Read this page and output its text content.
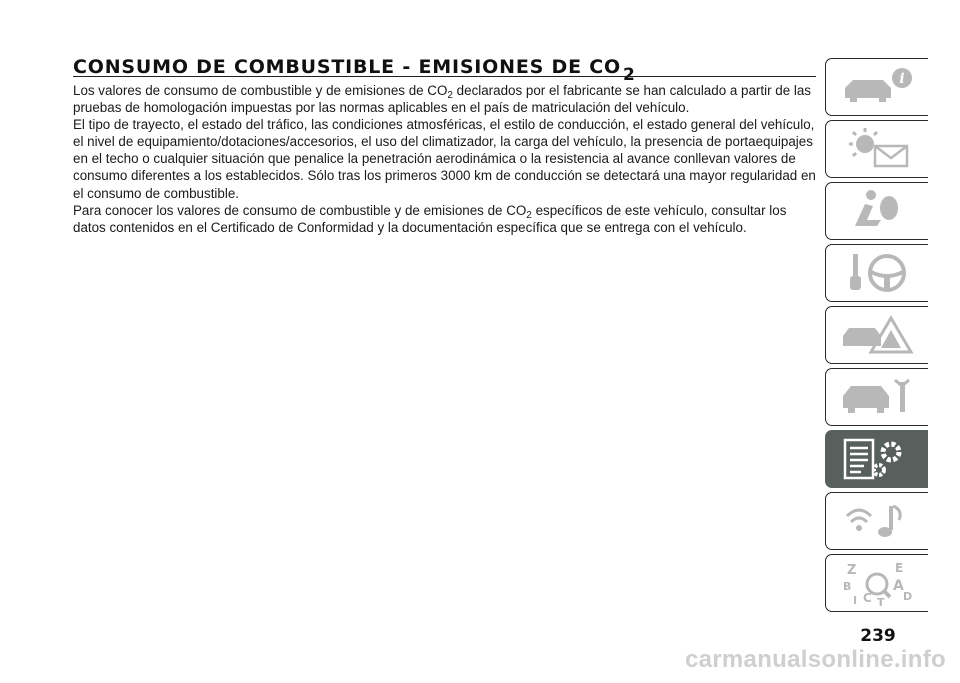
CONSUMO DE COMBUSTIBLE - EMISIONES DE CO 2

Los valores de consumo de combustible y de emisiones de $CO_2$ declarados por el fabricante se han calculado a partir de las pruebas de homologación impuestas por las normas aplicables en el país de matriculación del vehículo.

El tipo de trayecto, el estado del tráfico, las condiciones atmosféricas, el estilo de conducción, el estado general del vehículo, el nivel de equipamiento/dotaciones/accesorios, el uso del climatizador, la carga del vehículo, la presencia de portaequipajes en el techo o cualquier situación que penalice la penetración aerodinámica o la resistencia al avance conllevan valores de consumo diferentes a los establecidos. Sólo tras los primeros 3000 km de conducción se detectará una mayor regularidad en el consumo de combustible.

Para conocer los valores de consumo de combustible y de emisiones de $CO_2$ específicos de este vehículo, consultar los datos contenidos en el Certificado de Conformidad y la documentación específica que se entrega con el vehículo.

i
Z	E
B	A
I C T D
239
carmanualsonline.info
